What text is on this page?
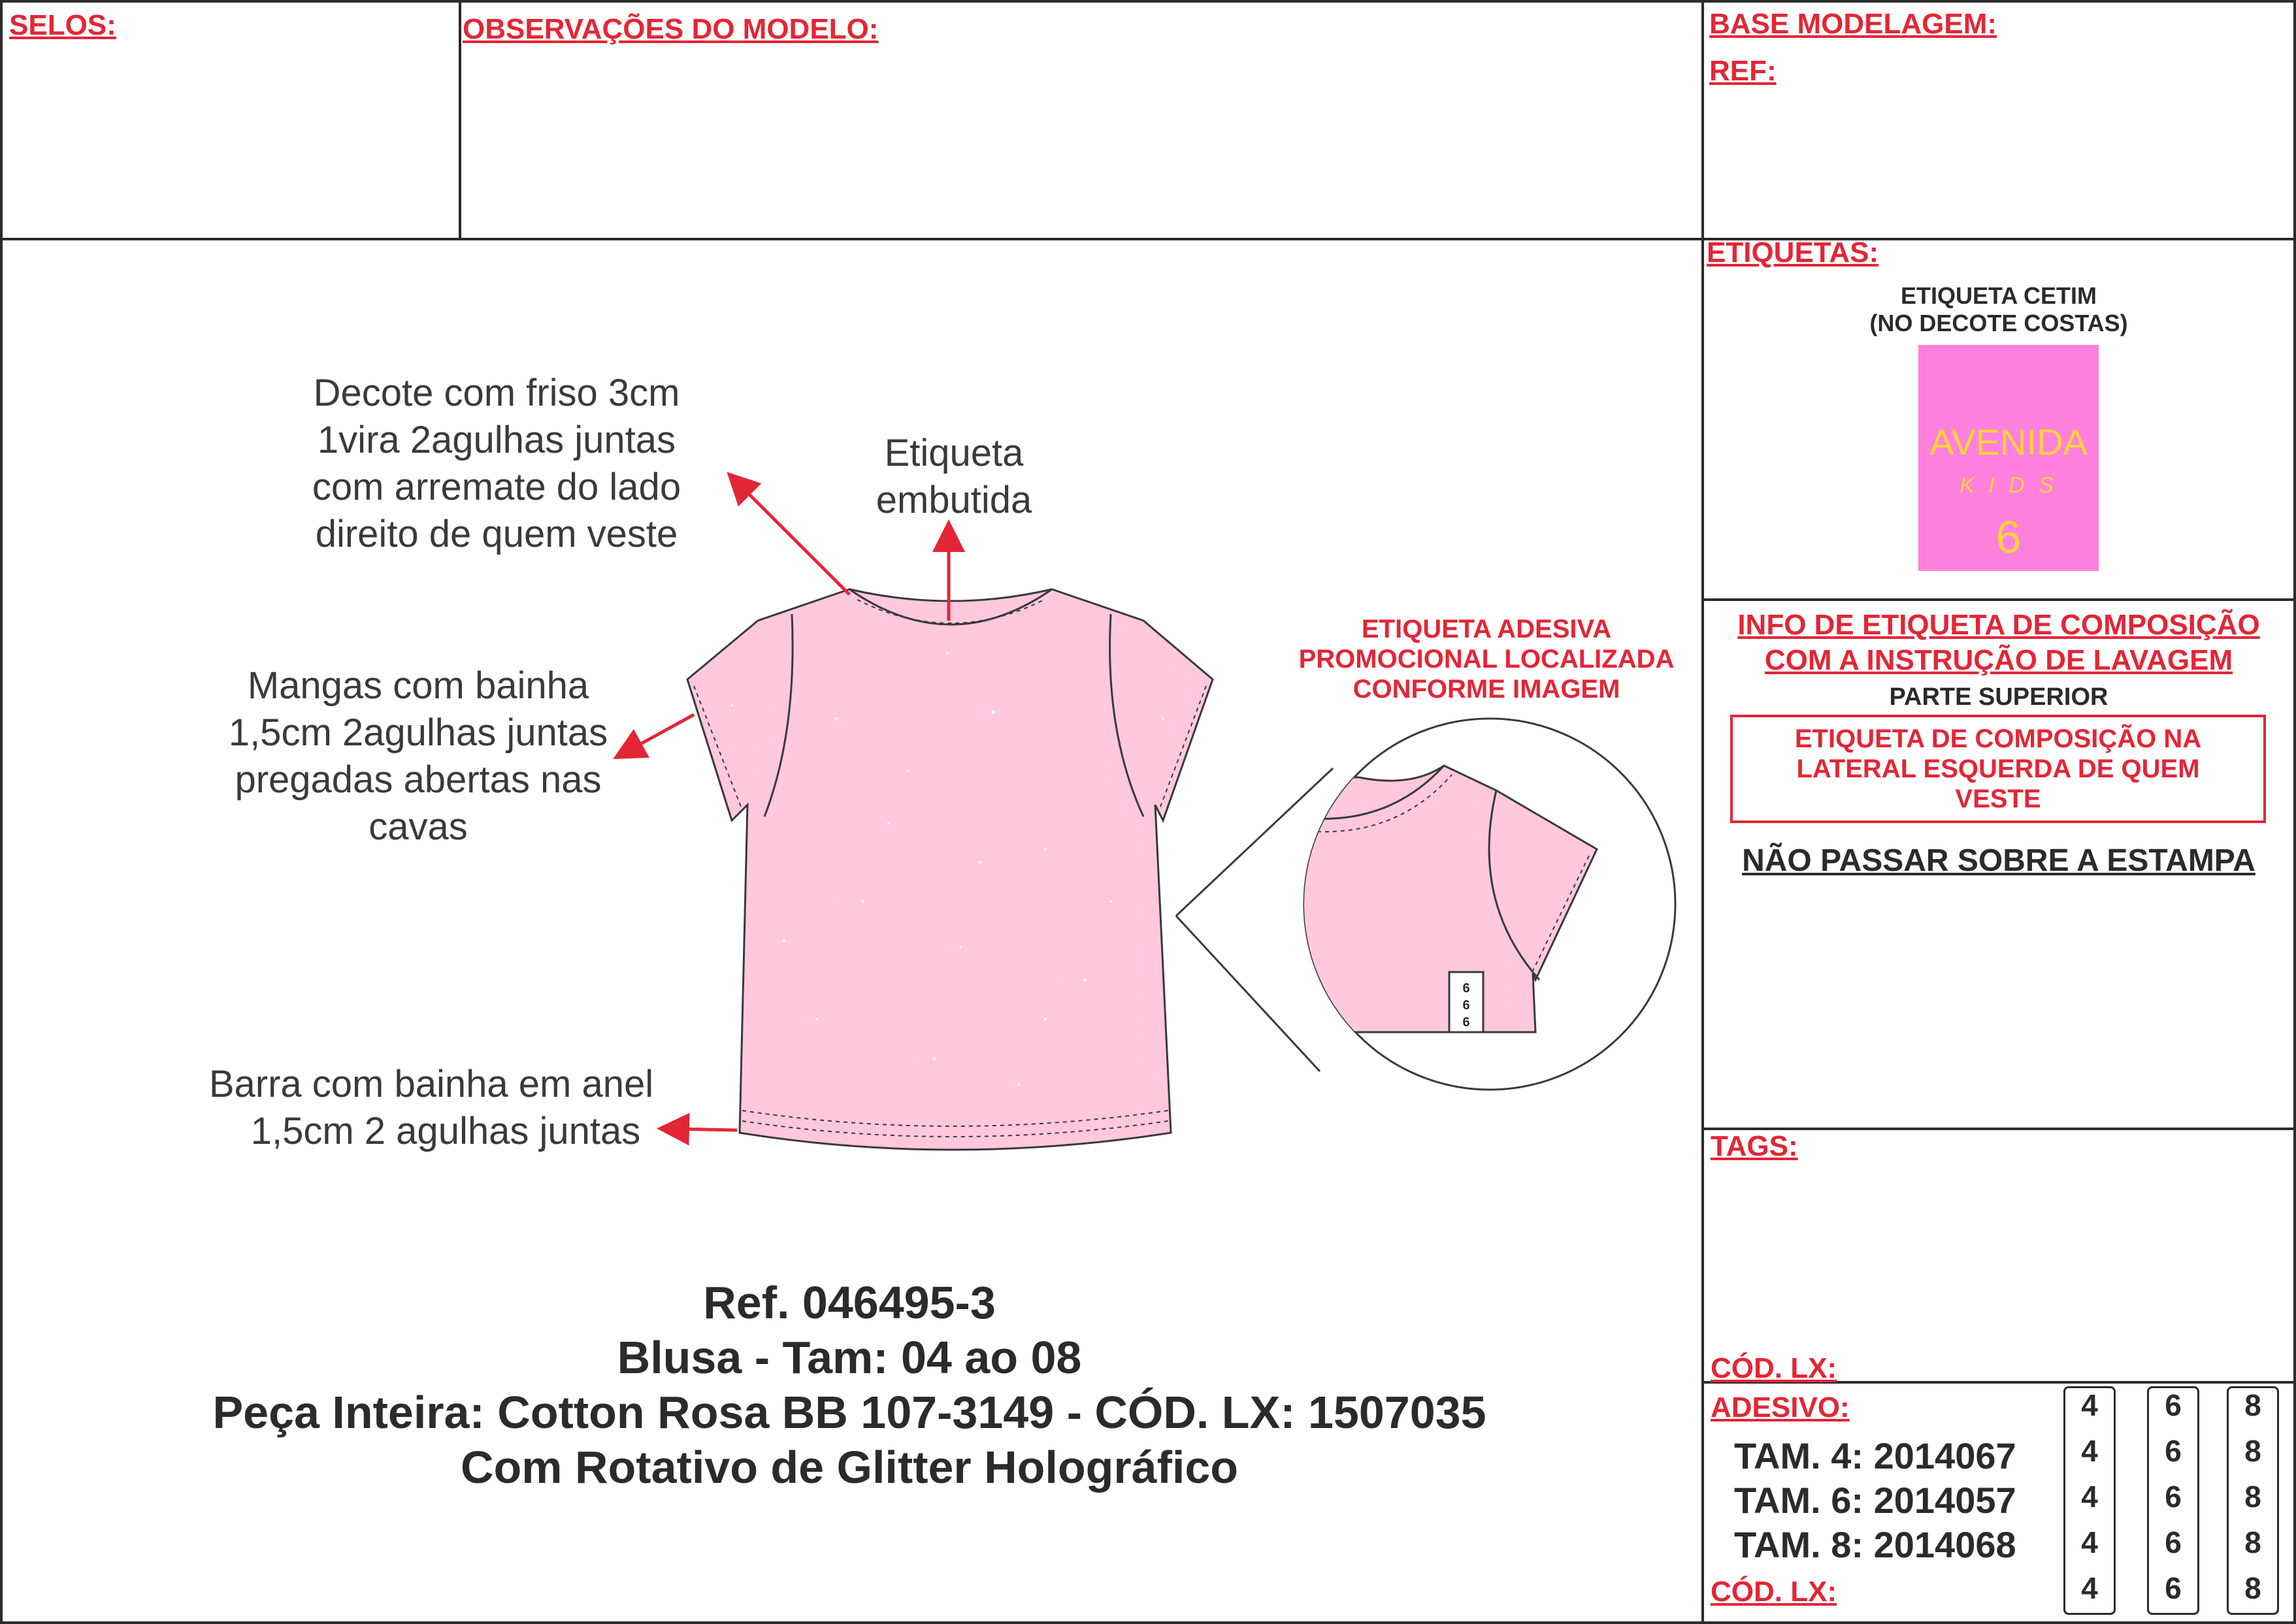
SELOS:	OBSERVAÇÕES DO MODELO:	BASE MODELAGEM:
REF:
Decote com friso 3cm
1vira 2agulhas juntas
com arremate do lado
direito de quem veste
Etiqueta
embutida
Mangas com bainha
1,5cm 2agulhas juntas
pregadas abertas nas
cavas
Barra com bainha em anel
1,5cm 2 agulhas juntas
ETIQUETA ADESIVA
PROMOCIONAL LOCALIZADA
CONFORME IMAGEM
6
6
6
Ref. 046495-3
Blusa - Tam: 04 ao 08
Peça Inteira: Cotton Rosa BB 107-3149 - CÓD. LX: 1507035
Com Rotativo de Glitter Holográfico
ETIQUETAS:
ETIQUETA CETIM
(NO DECOTE COSTAS)
AVENIDA
K I D S
6
INFO DE ETIQUETA DE COMPOSIÇÃO
COM A INSTRUÇÃO DE LAVAGEM
PARTE SUPERIOR
ETIQUETA DE COMPOSIÇÃO NA
LATERAL ESQUERDA DE QUEM
VESTE
NÃO PASSAR SOBRE A ESTAMPA
TAGS:
CÓD. LX:
ADESIVO:
TAM. 4: 2014067
TAM. 6: 2014057
TAM. 8: 2014068
CÓD. LX:
4
4
4
4
4
6
6
6
6
6
8
8
8
8
8
